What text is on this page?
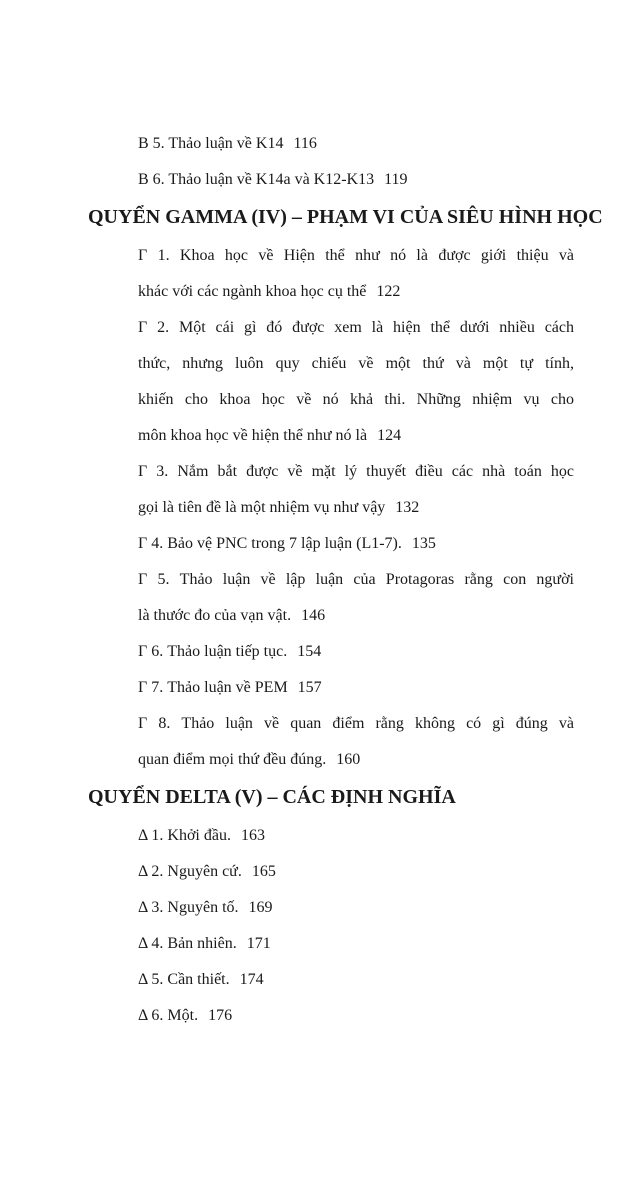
B 5. Thảo luận về K14 116
B 6. Thảo luận về K14a và K12-K13 119
QUYỂN GAMMA (IV) – PHẠM VI CỦA SIÊU HÌNH HỌC
Γ 1. Khoa học về Hiện thể như nó là được giới thiệu và
khác với các ngành khoa học cụ thể 122
Γ 2. Một cái gì đó được xem là hiện thể dưới nhiều cách
thức, nhưng luôn quy chiếu về một thứ và một tự tính,
khiến cho khoa học về nó khả thi. Những nhiệm vụ cho
môn khoa học về hiện thể như nó là 124
Γ 3. Nắm bắt được về mặt lý thuyết điều các nhà toán học
gọi là tiên đề là một nhiệm vụ như vậy 132
Γ 4. Bảo vệ PNC trong 7 lập luận (L1-7). 135
Γ 5. Thảo luận về lập luận của Protagoras rằng con người
là thước đo của vạn vật. 146
Γ 6. Thảo luận tiếp tục. 154
Γ 7. Thảo luận về PEM 157
Γ 8. Thảo luận về quan điểm rằng không có gì đúng và
quan điểm mọi thứ đều đúng. 160
QUYỂN DELTA (V) – CÁC ĐỊNH NGHĨA
Δ 1. Khởi đầu. 163
Δ 2. Nguyên cứ. 165
Δ 3. Nguyên tố. 169
Δ 4. Bản nhiên. 171
Δ 5. Cần thiết. 174
Δ 6. Một. 176
